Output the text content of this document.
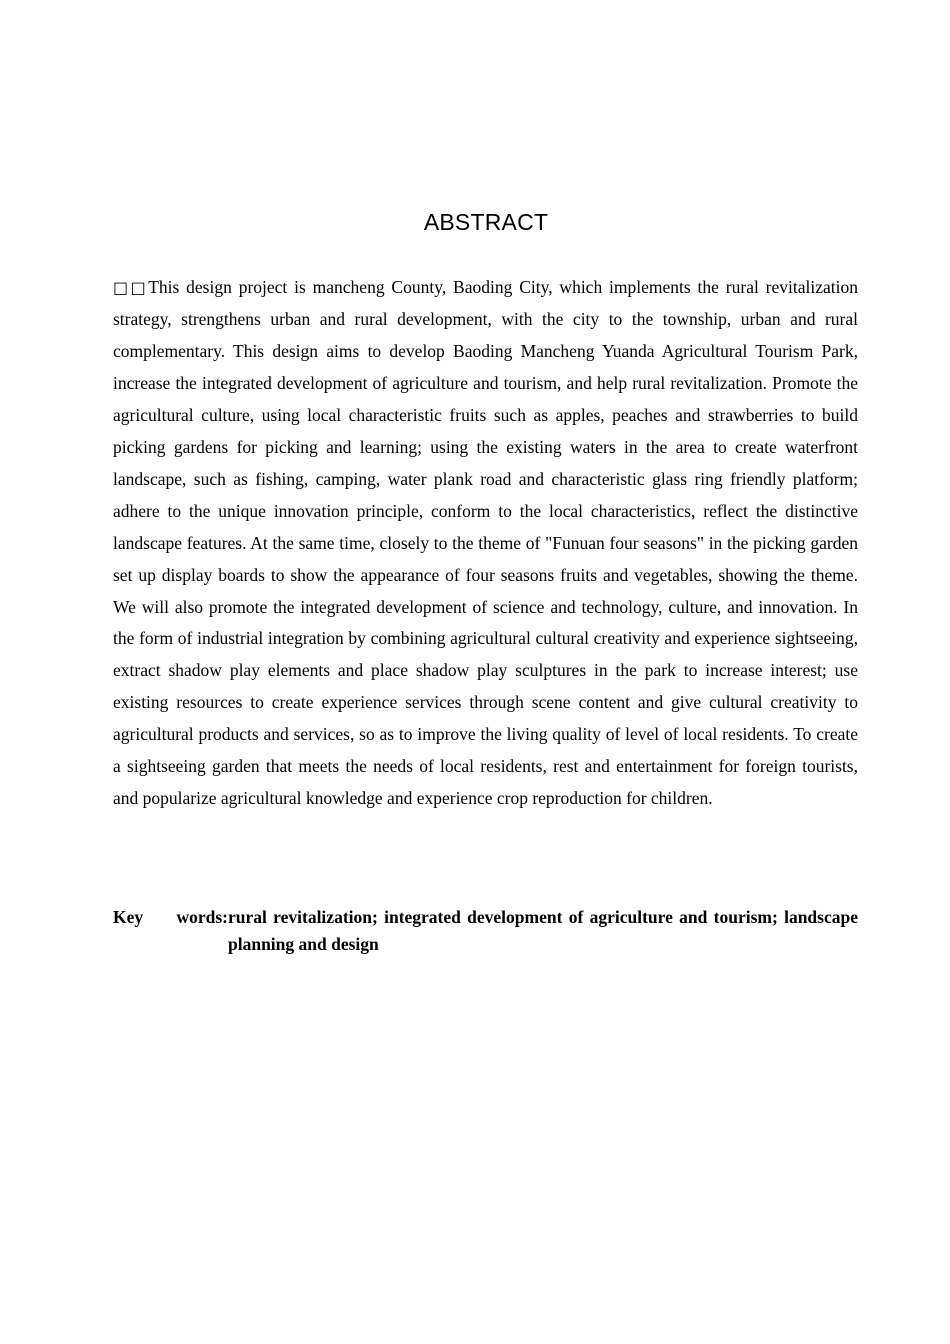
ABSTRACT

□□This design project is mancheng County, Baoding City, which implements the rural revitalization strategy, strengthens urban and rural development, with the city to the township, urban and rural complementary. This design aims to develop Baoding Mancheng Yuanda Agricultural Tourism Park, increase the integrated development of agriculture and tourism, and help rural revitalization. Promote the agricultural culture, using local characteristic fruits such as apples, peaches and strawberries to build picking gardens for picking and learning; using the existing waters in the area to create waterfront landscape, such as fishing, camping, water plank road and characteristic glass ring friendly platform; adhere to the unique innovation principle, conform to the local characteristics, reflect the distinctive landscape features. At the same time, closely to the theme of "Funuan four seasons" in the picking garden set up display boards to show the appearance of four seasons fruits and vegetables, showing the theme. We will also promote the integrated development of science and technology, culture, and innovation. In the form of industrial integration by combining agricultural cultural creativity and experience sightseeing, extract shadow play elements and place shadow play sculptures in the park to increase interest; use existing resources to create experience services through scene content and give cultural creativity to agricultural products and services, so as to improve the living quality of level of local residents. To create a sightseeing garden that meets the needs of local residents, rest and entertainment for foreign tourists, and popularize agricultural knowledge and experience crop reproduction for children.

Key words:rural revitalization; integrated development of agriculture and tourism; landscape planning and design
